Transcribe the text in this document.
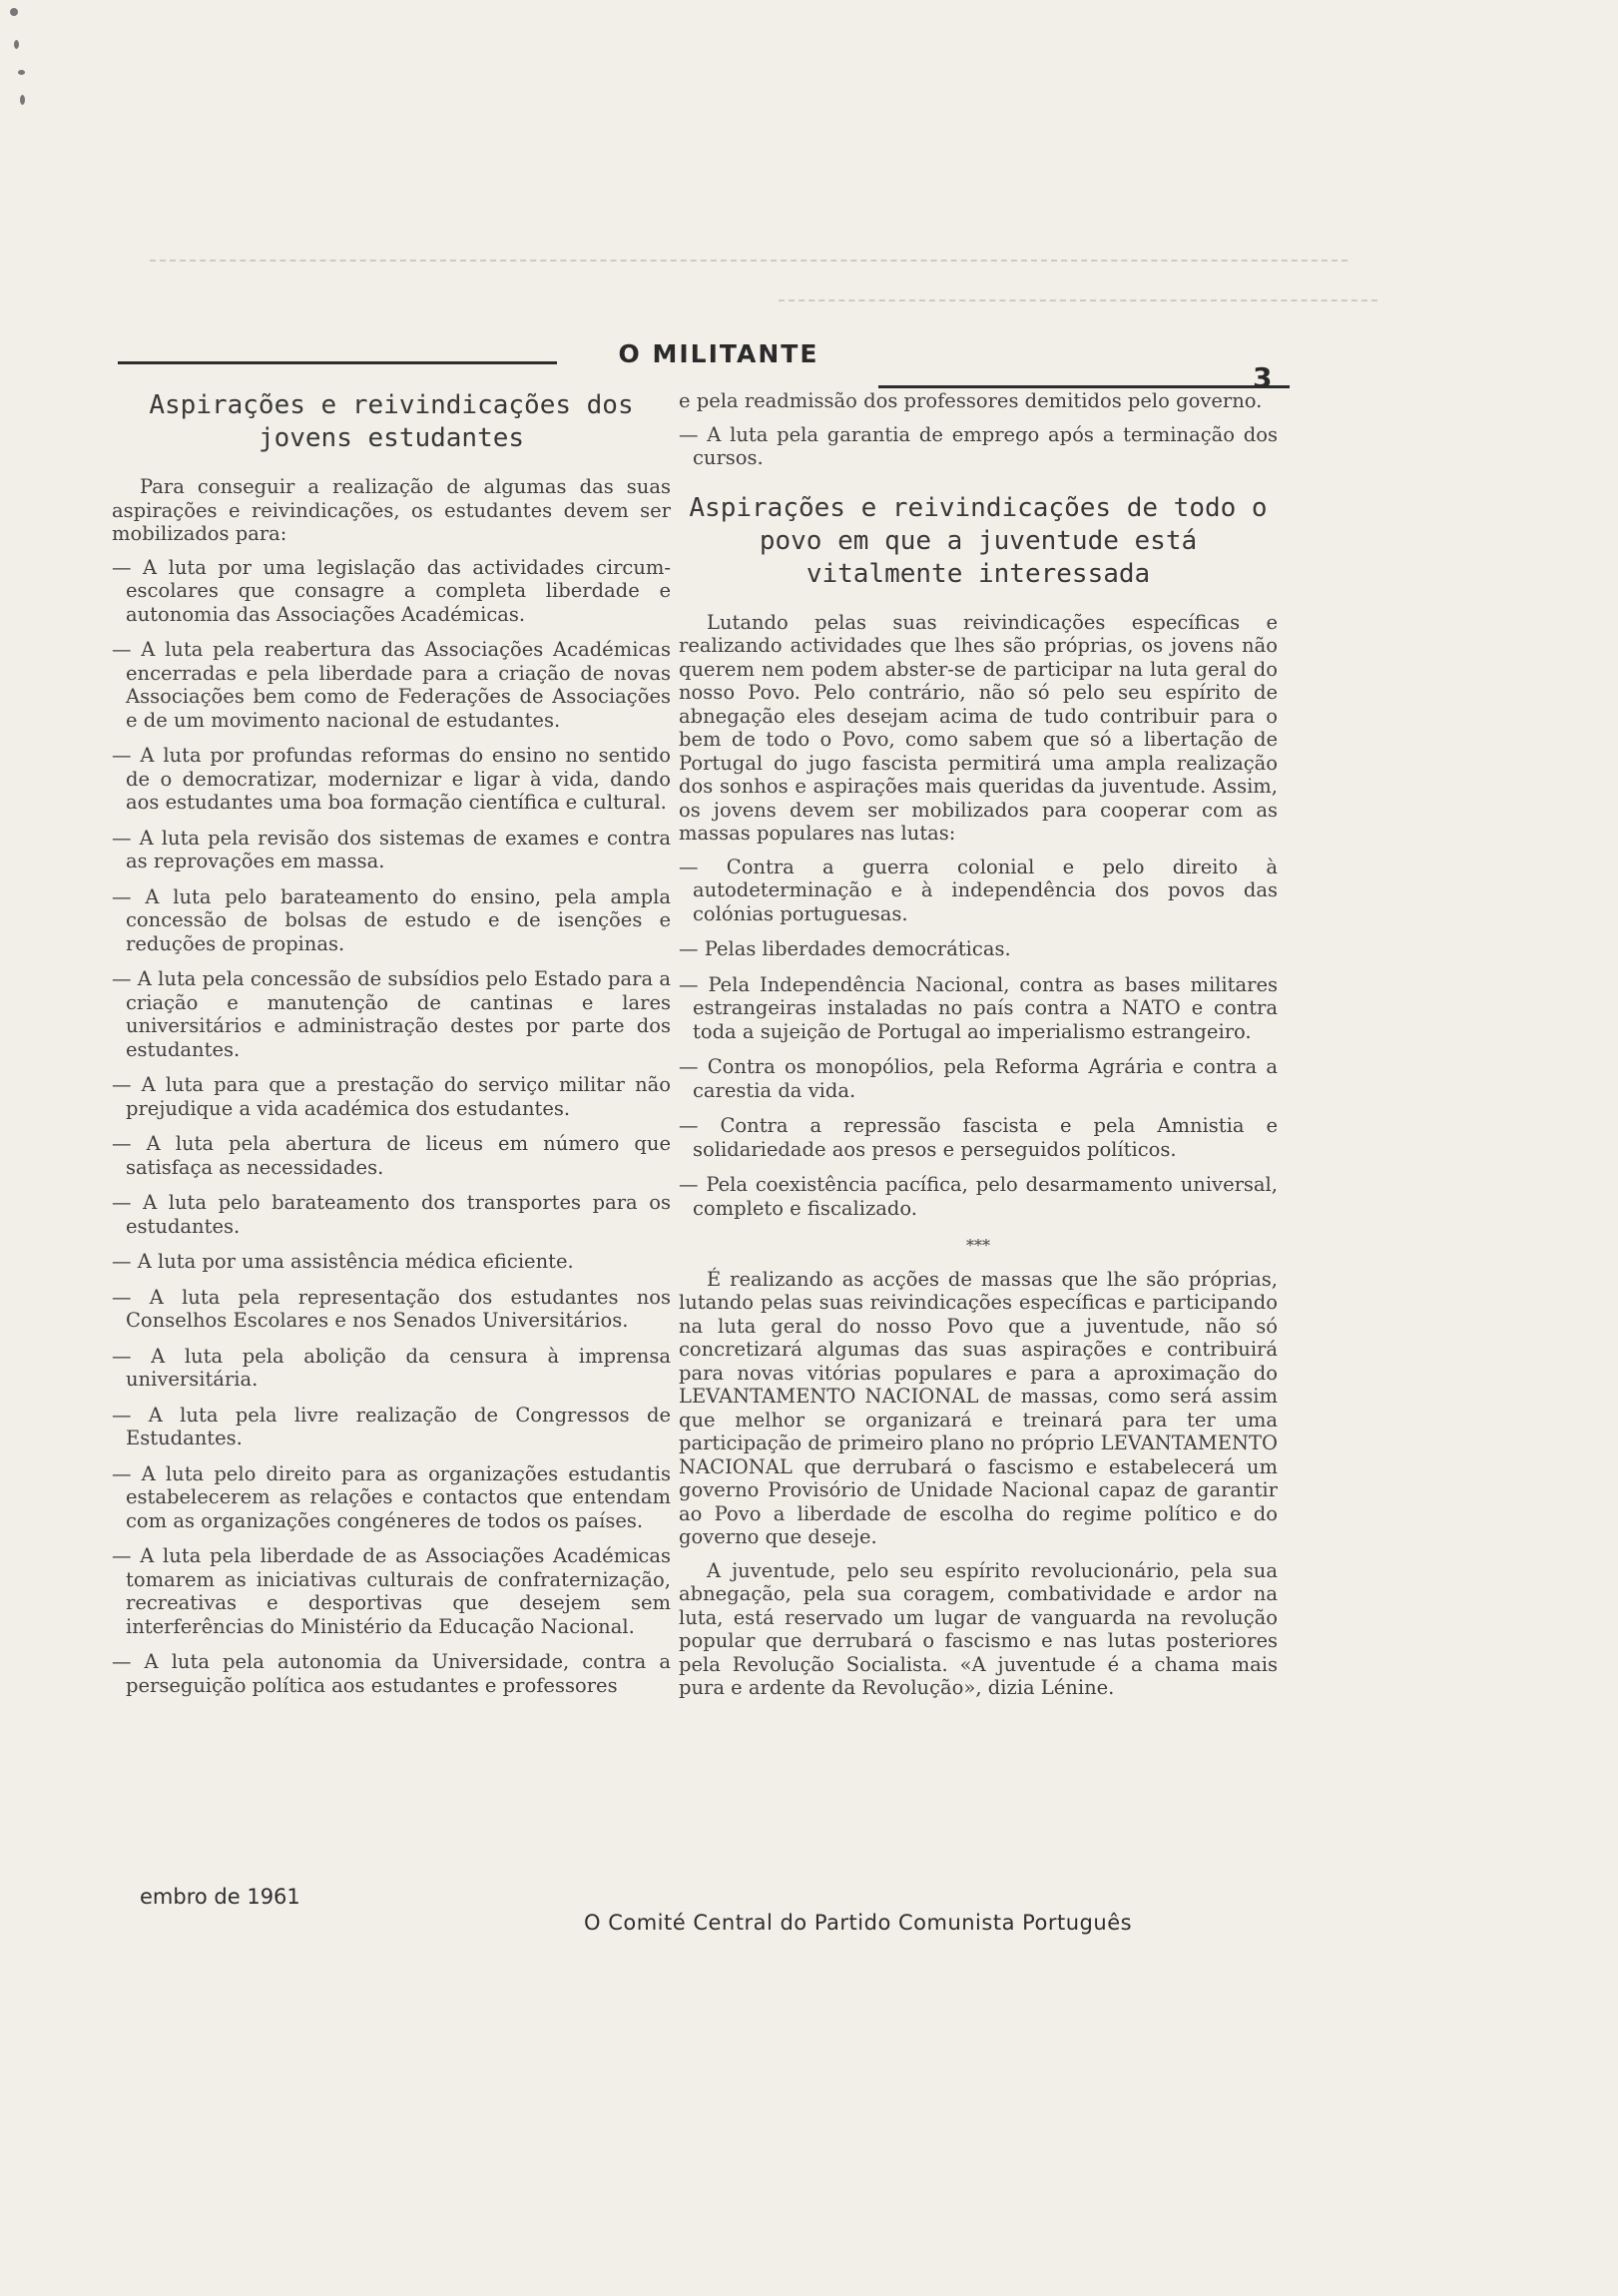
O MILITANTE
3
Aspirações e reivindicações dos jovens estudantes

Para conseguir a realização de algumas das suas aspirações e reivindicações, os estudantes devem ser mobilizados para:

— A luta por uma legislação das actividades circum-escolares que consagre a completa liberdade e autonomia das Associações Académicas.

— A luta pela reabertura das Associações Académicas encerradas e pela liberdade para a criação de novas Associações bem como de Federações de Associações e de um movimento nacional de estudantes.

— A luta por profundas reformas do ensino no sentido de o democratizar, modernizar e ligar à vida, dando aos estudantes uma boa formação científica e cultural.

— A luta pela revisão dos sistemas de exames e contra as reprovações em massa.

— A luta pelo barateamento do ensino, pela ampla concessão de bolsas de estudo e de isenções e reduções de propinas.

— A luta pela concessão de subsídios pelo Estado para a criação e manutenção de cantinas e lares universitários e administração destes por parte dos estudantes.

— A luta para que a prestação do serviço militar não prejudique a vida académica dos estudantes.

— A luta pela abertura de liceus em número que satisfaça as necessidades.

— A luta pelo barateamento dos transportes para os estudantes.

— A luta por uma assistência médica eficiente.

— A luta pela representação dos estudantes nos Conselhos Escolares e nos Senados Universitários.

— A luta pela abolição da censura à imprensa universitária.

— A luta pela livre realização de Congressos de Estudantes.

— A luta pelo direito para as organizações estudantis estabelecerem as relações e contactos que entendam com as organizações congéneres de todos os países.

— A luta pela liberdade de as Associações Académicas tomarem as iniciativas culturais de confraternização, recreativas e desportivas que desejem sem interferências do Ministério da Educação Nacional.

— A luta pela autonomia da Universidade, contra a perseguição política aos estudantes e professores

e pela readmissão dos professores demitidos pelo governo.

— A luta pela garantia de emprego após a terminação dos cursos.

Aspirações e reivindicações de todo o povo em que a juventude está vitalmente interessada

Lutando pelas suas reivindicações específicas e realizando actividades que lhes são próprias, os jovens não querem nem podem abster-se de participar na luta geral do nosso Povo. Pelo contrário, não só pelo seu espírito de abnegação eles desejam acima de tudo contribuir para o bem de todo o Povo, como sabem que só a libertação de Portugal do jugo fascista permitirá uma ampla realização dos sonhos e aspirações mais queridas da juventude. Assim, os jovens devem ser mobilizados para cooperar com as massas populares nas lutas:

— Contra a guerra colonial e pelo direito à autodeterminação e à independência dos povos das colónias portuguesas.

— Pelas liberdades democráticas.

— Pela Independência Nacional, contra as bases militares estrangeiras instaladas no país contra a NATO e contra toda a sujeição de Portugal ao imperialismo estrangeiro.

— Contra os monopólios, pela Reforma Agrária e contra a carestia da vida.

— Contra a repressão fascista e pela Amnistia e solidariedade aos presos e perseguidos políticos.

— Pela coexistência pacífica, pelo desarmamento universal, completo e fiscalizado.

***

É realizando as acções de massas que lhe são próprias, lutando pelas suas reivindicações específicas e participando na luta geral do nosso Povo que a juventude, não só concretizará algumas das suas aspirações e contribuirá para novas vitórias populares e para a aproximação do LEVANTAMENTO NACIONAL de massas, como será assim que melhor se organizará e treinará para ter uma participação de primeiro plano no próprio LEVANTAMENTO NACIONAL que derrubará o fascismo e estabelecerá um governo Provisório de Unidade Nacional capaz de garantir ao Povo a liberdade de escolha do regime político e do governo que deseje.

A juventude, pelo seu espírito revolucionário, pela sua abnegação, pela sua coragem, combatividade e ardor na luta, está reservado um lugar de vanguarda na revolução popular que derrubará o fascismo e nas lutas posteriores pela Revolução Socialista. «A juventude é a chama mais pura e ardente da Revolução», dizia Lénine.

embro de 1961
O Comité Central do Partido Comunista Português
